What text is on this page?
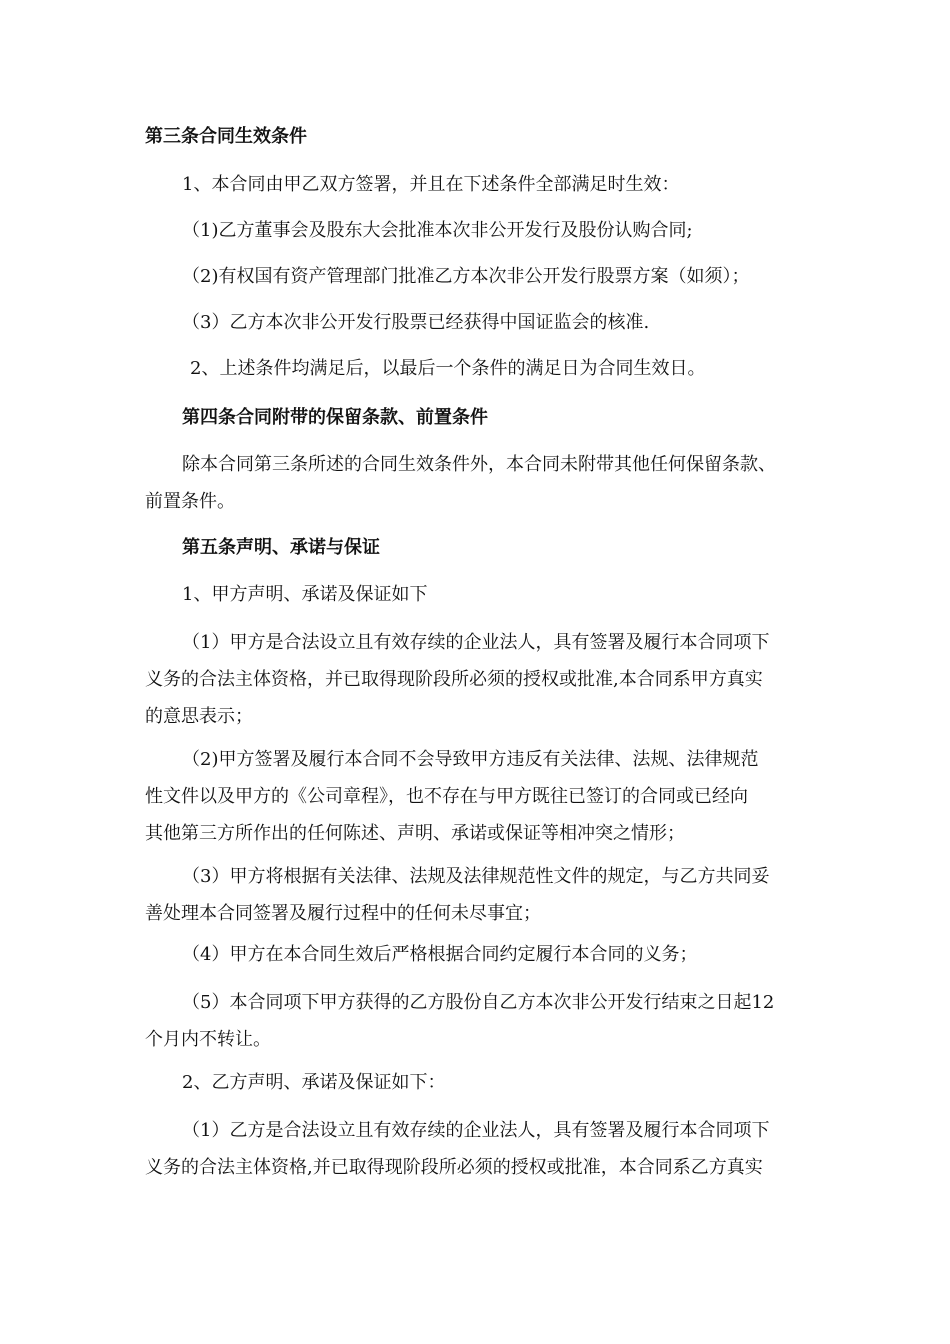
第三条合同生效条件

1、本合同由甲乙双方签署，并且在下述条件全部满足时生效：

（1)乙方董事会及股东大会批准本次非公开发行及股份认购合同;

（2)有权国有资产管理部门批准乙方本次非公开发行股票方案（如须）；

（3）乙方本次非公开发行股票已经获得中国证监会的核准.

2、上述条件均满足后，以最后一个条件的满足日为合同生效日。

第四条合同附带的保留条款、前置条件

除本合同第三条所述的合同生效条件外，本合同未附带其他任何保留条款、
前置条件。

第五条声明、承诺与保证

1、甲方声明、承诺及保证如下

（1）甲方是合法设立且有效存续的企业法人，具有签署及履行本合同项下
义务的合法主体资格，并已取得现阶段所必须的授权或批准,本合同系甲方真实
的意思表示；
（2)甲方签署及履行本合同不会导致甲方违反有关法律、法规、法律规范
性文件以及甲方的《公司章程》，也不存在与甲方既往已签订的合同或已经向
其他第三方所作出的任何陈述、声明、承诺或保证等相冲突之情形；
（3）甲方将根据有关法律、法规及法律规范性文件的规定，与乙方共同妥
善处理本合同签署及履行过程中的任何未尽事宜；

（4）甲方在本合同生效后严格根据合同约定履行本合同的义务；

（5）本合同项下甲方获得的乙方股份自乙方本次非公开发行结束之日起12
个月内不转让。

2、乙方声明、承诺及保证如下：

（1）乙方是合法设立且有效存续的企业法人，具有签署及履行本合同项下
义务的合法主体资格,并已取得现阶段所必须的授权或批准，本合同系乙方真实
